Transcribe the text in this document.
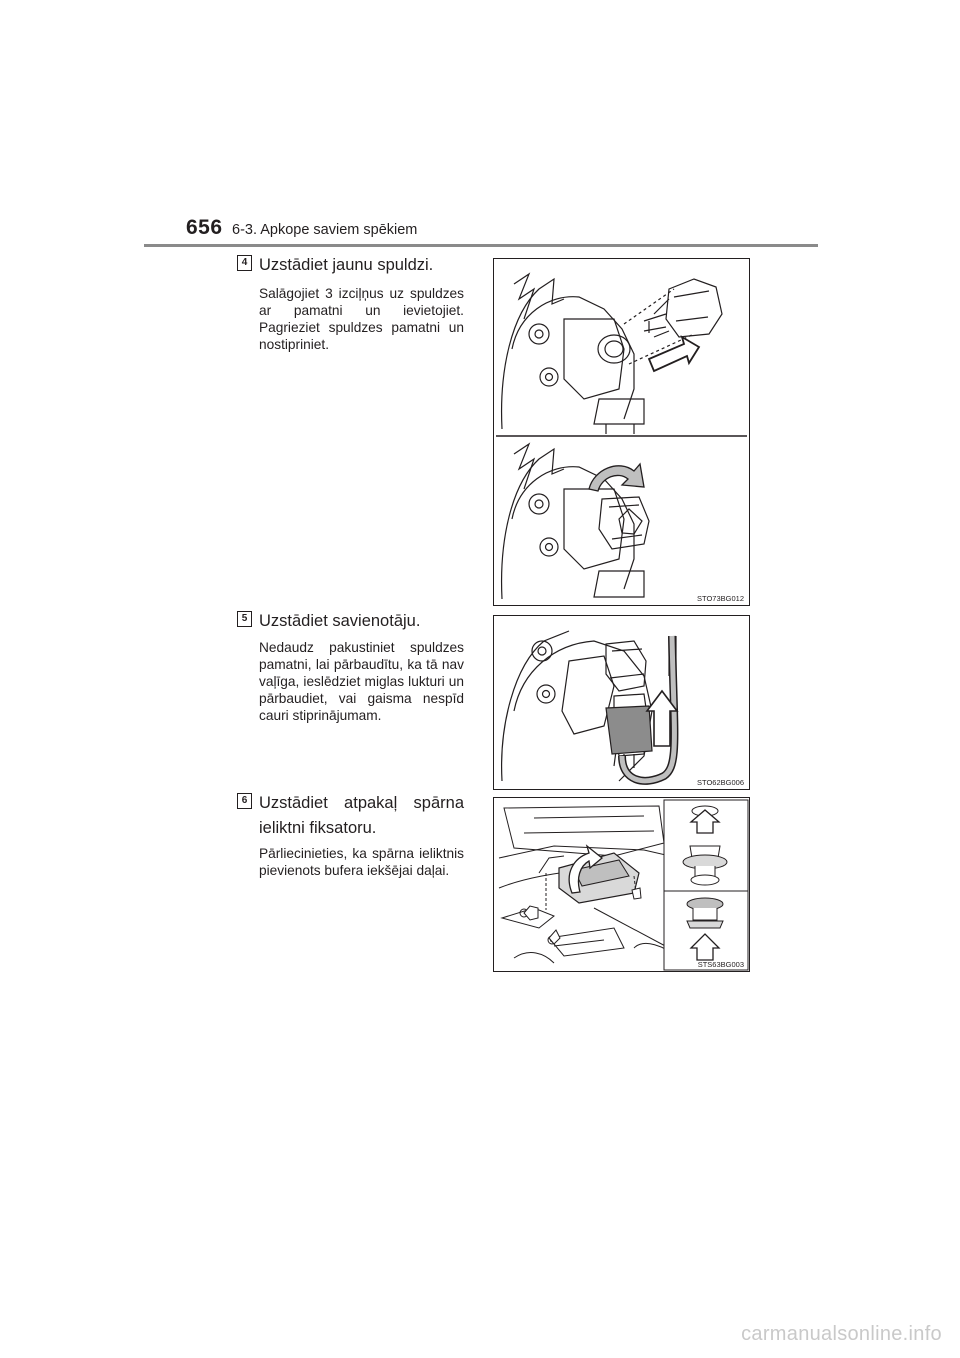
656 6-3. Apkope saviem spēkiem
4 Uzstādiet jaunu spuldzi.
Salāgojiet 3 izciļņus uz spuldzes ar pamatni un ievietojiet. Pagrieziet spuldzes pamatni un nostipriniet.
STO73BG012
5 Uzstādiet savienotāju.
Nedaudz pakustiniet spuldzes pamatni, lai pārbaudītu, ka tā nav vaļīga, ieslēdziet miglas lukturi un pārbaudiet, vai gaisma nespīd cauri stiprinājumam.
STO62BG006
6 Uzstādiet atpakaļ spārna
ieliktni fiksatoru.
Pārliecinieties, ka spārna ieliktnis pievienots bufera iekšējai daļai.
STS63BG003
carmanualsonline.info
